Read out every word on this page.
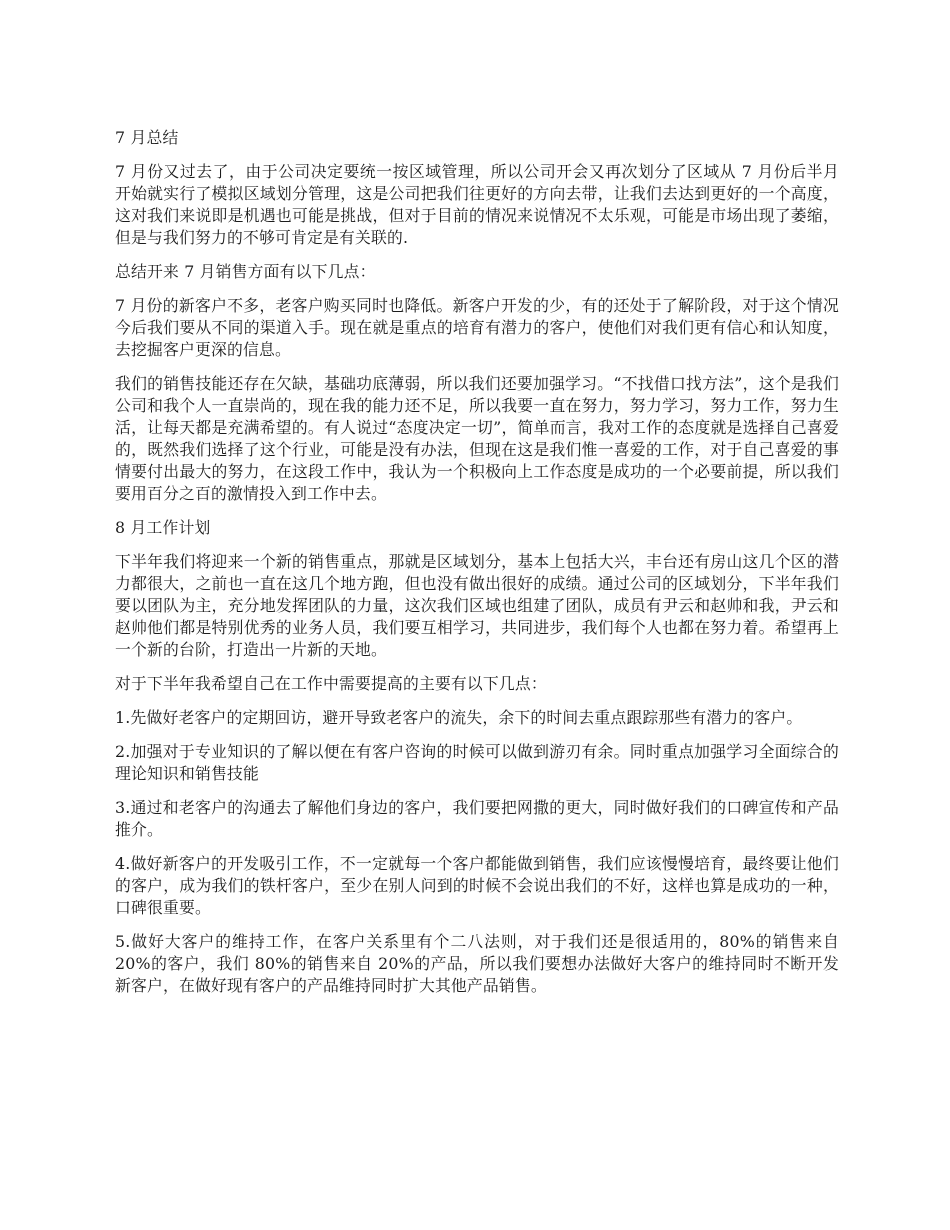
7 月总结

7 月份又过去了，由于公司决定要统一按区域管理，所以公司开会又再次划分了区域从 7 月份后半月开始就实行了模拟区域划分管理，这是公司把我们往更好的方向去带，让我们去达到更好的一个高度，这对我们来说即是机遇也可能是挑战，但对于目前的情况来说情况不太乐观，可能是市场出现了萎缩，但是与我们努力的不够可肯定是有关联的.

总结开来 7 月销售方面有以下几点：

7 月份的新客户不多，老客户购买同时也降低。新客户开发的少，有的还处于了解阶段，对于这个情况今后我们要从不同的渠道入手。现在就是重点的培育有潜力的客户，使他们对我们更有信心和认知度，去挖掘客户更深的信息。

我们的销售技能还存在欠缺，基础功底薄弱，所以我们还要加强学习。“不找借口找方法”，这个是我们公司和我个人一直崇尚的，现在我的能力还不足，所以我要一直在努力，努力学习，努力工作，努力生活，让每天都是充满希望的。有人说过“态度决定一切”，简单而言，我对工作的态度就是选择自己喜爱的，既然我们选择了这个行业，可能是没有办法，但现在这是我们惟一喜爱的工作，对于自己喜爱的事情要付出最大的努力，在这段工作中，我认为一个积极向上工作态度是成功的一个必要前提，所以我们要用百分之百的激情投入到工作中去。

8 月工作计划

下半年我们将迎来一个新的销售重点，那就是区域划分，基本上包括大兴，丰台还有房山这几个区的潜力都很大，之前也一直在这几个地方跑，但也没有做出很好的成绩。通过公司的区域划分，下半年我们要以团队为主，充分地发挥团队的力量，这次我们区域也组建了团队，成员有尹云和赵帅和我，尹云和赵帅他们都是特别优秀的业务人员，我们要互相学习，共同进步，我们每个人也都在努力着。希望再上一个新的台阶，打造出一片新的天地。

对于下半年我希望自己在工作中需要提高的主要有以下几点：

1.先做好老客户的定期回访，避开导致老客户的流失，余下的时间去重点跟踪那些有潜力的客户。

2.加强对于专业知识的了解以便在有客户咨询的时候可以做到游刃有余。同时重点加强学习全面综合的理论知识和销售技能

3.通过和老客户的沟通去了解他们身边的客户，我们要把网撒的更大，同时做好我们的口碑宣传和产品推介。

4.做好新客户的开发吸引工作，不一定就每一个客户都能做到销售，我们应该慢慢培育，最终要让他们的客户，成为我们的铁杆客户，至少在别人问到的时候不会说出我们的不好，这样也算是成功的一种，口碑很重要。

5.做好大客户的维持工作，在客户关系里有个二八法则，对于我们还是很适用的，80%的销售来自 20%的客户，我们 80%的销售来自 20%的产品，所以我们要想办法做好大客户的维持同时不断开发新客户，在做好现有客户的产品维持同时扩大其他产品销售。
